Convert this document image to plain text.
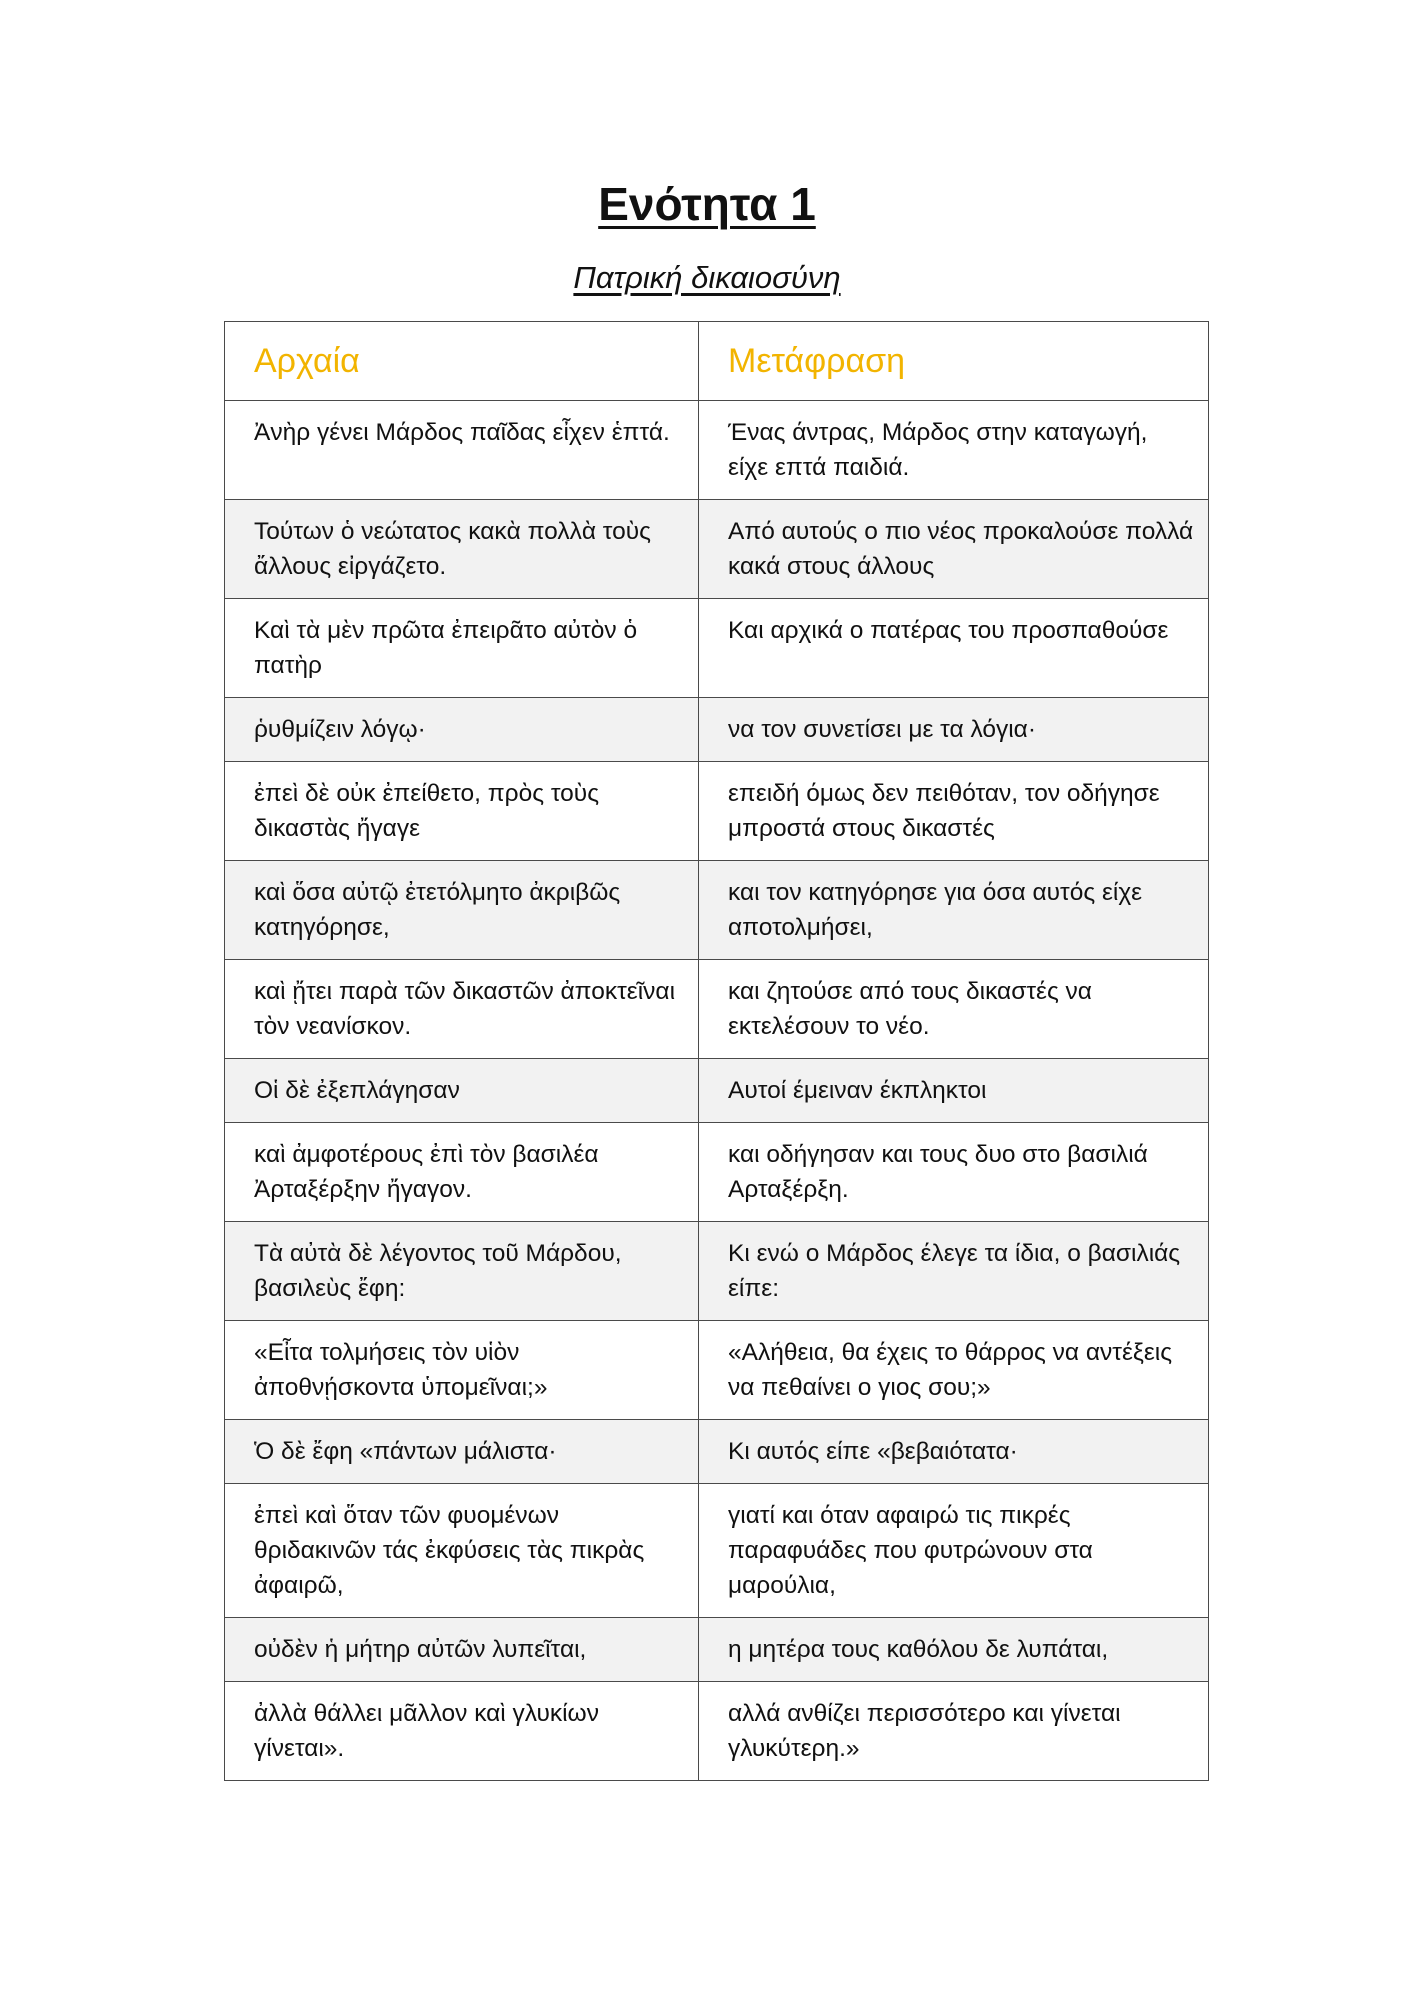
Ενότητα 1
Πατρική δικαιοσύνη
Αρχαία	Μετάφραση
Ἀνὴρ γένει Μάρδος παῖδας εἶχεν ἑπτά.	Ένας άντρας, Μάρδος στην καταγωγή, είχε επτά παιδιά.
Τούτων ὁ νεώτατος κακὰ πολλὰ τοὺς ἄλλους εἰργάζετο.	Από αυτούς ο πιο νέος προκαλούσε πολλά κακά στους άλλους
Καὶ τὰ μὲν πρῶτα ἐπειρᾶτο αὐτὸν ὁ πατὴρ	Και αρχικά ο πατέρας του προσπαθούσε
ῥυθμίζειν λόγῳ·	να τον συνετίσει με τα λόγια·
ἐπεὶ δὲ οὐκ ἐπείθετο, πρὸς τοὺς δικαστὰς ἤγαγε	επειδή όμως δεν πειθόταν, τον οδήγησε μπροστά στους δικαστές
καὶ ὅσα αὐτῷ ἐτετόλμητο ἀκριβῶς κατηγόρησε,	και τον κατηγόρησε για όσα αυτός είχε αποτολμήσει,
καὶ ᾔτει παρὰ τῶν δικαστῶν ἀποκτεῖναι τὸν νεανίσκον.	και ζητούσε από τους δικαστές να εκτελέσουν το νέο.
Οἱ δὲ ἐξεπλάγησαν	Αυτοί έμειναν έκπληκτοι
καὶ ἀμφοτέρους ἐπὶ τὸν βασιλέα Ἀρταξέρξην ἤγαγον.	και οδήγησαν και τους δυο στο βασιλιά Αρταξέρξη.
Τὰ αὐτὰ δὲ λέγοντος τοῦ Μάρδου, βασιλεὺς ἔφη:	Κι ενώ ο Μάρδος έλεγε τα ίδια, ο βασιλιάς είπε:
«Εἶτα τολμήσεις τὸν υἱὸν ἀποθνῄσκοντα ὑπομεῖναι;»	«Αλήθεια, θα έχεις το θάρρος να αντέξεις να πεθαίνει ο γιος σου;»
Ὁ δὲ ἔφη «πάντων μάλιστα·	Κι αυτός είπε «βεβαιότατα·
ἐπεὶ καὶ ὅταν τῶν φυομένων θριδακινῶν τάς ἐκφύσεις τὰς πικρὰς ἀφαιρῶ,	γιατί και όταν αφαιρώ τις πικρές παραφυάδες που φυτρώνουν στα μαρούλια,
οὐδὲν ἡ μήτηρ αὐτῶν λυπεῖται,	η μητέρα τους καθόλου δε λυπάται,
ἀλλὰ θάλλει μᾶλλον καὶ γλυκίων γίνεται».	αλλά ανθίζει περισσότερο και γίνεται γλυκύτερη.»
